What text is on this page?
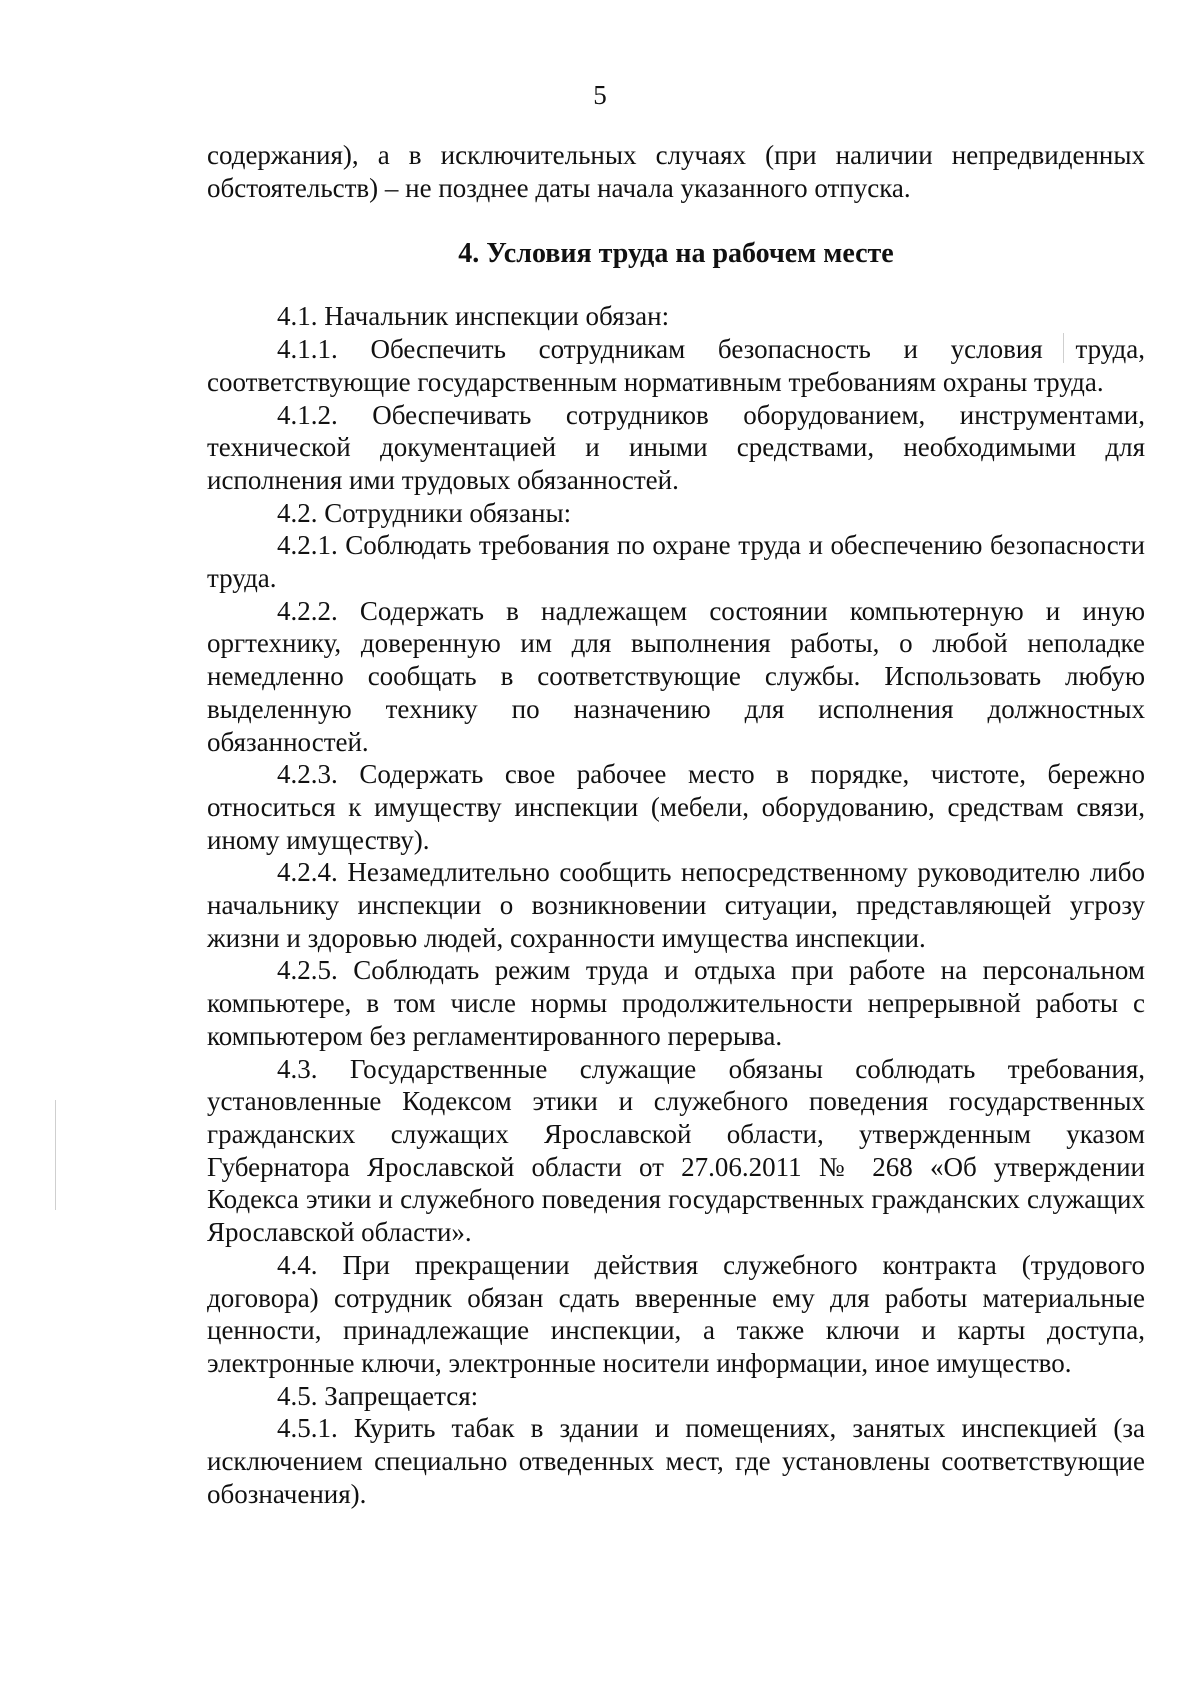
5

содержания), а в исключительных случаях (при наличии непредвиденных обстоятельств) – не позднее даты начала указанного отпуска.

4. Условия труда на рабочем месте

4.1. Начальник инспекции обязан:

4.1.1. Обеспечить сотрудникам безопасность и условия труда, соответствующие государственным нормативным требованиям охраны труда.

4.1.2. Обеспечивать сотрудников оборудованием, инструментами, технической документацией и иными средствами, необходимыми для исполнения ими трудовых обязанностей.

4.2. Сотрудники обязаны:

4.2.1. Соблюдать требования по охране труда и обеспечению безопасности труда.

4.2.2. Содержать в надлежащем состоянии компьютерную и иную оргтехнику, доверенную им для выполнения работы, о любой неполадке немедленно сообщать в соответствующие службы. Использовать любую выделенную технику по назначению для исполнения должностных обязанностей.

4.2.3. Содержать свое рабочее место в порядке, чистоте, бережно относиться к имуществу инспекции (мебели, оборудованию, средствам связи, иному имуществу).

4.2.4. Незамедлительно сообщить непосредственному руководителю либо начальнику инспекции о возникновении ситуации, представляющей угрозу жизни и здоровью людей, сохранности имущества инспекции.

4.2.5. Соблюдать режим труда и отдыха при работе на персональном компьютере, в том числе нормы продолжительности непрерывной работы с компьютером без регламентированного перерыва.

4.3. Государственные служащие обязаны соблюдать требования, установленные Кодексом этики и служебного поведения государственных гражданских служащих Ярославской области, утвержденным указом Губернатора Ярославской области от 27.06.2011 № 268 «Об утверждении Кодекса этики и служебного поведения государственных гражданских служащих Ярославской области».

4.4. При прекращении действия служебного контракта (трудового договора) сотрудник обязан сдать вверенные ему для работы материальные ценности, принадлежащие инспекции, а также ключи и карты доступа, электронные ключи, электронные носители информации, иное имущество.

4.5. Запрещается:

4.5.1. Курить табак в здании и помещениях, занятых инспекцией (за исключением специально отведенных мест, где установлены соответствующие обозначения).
